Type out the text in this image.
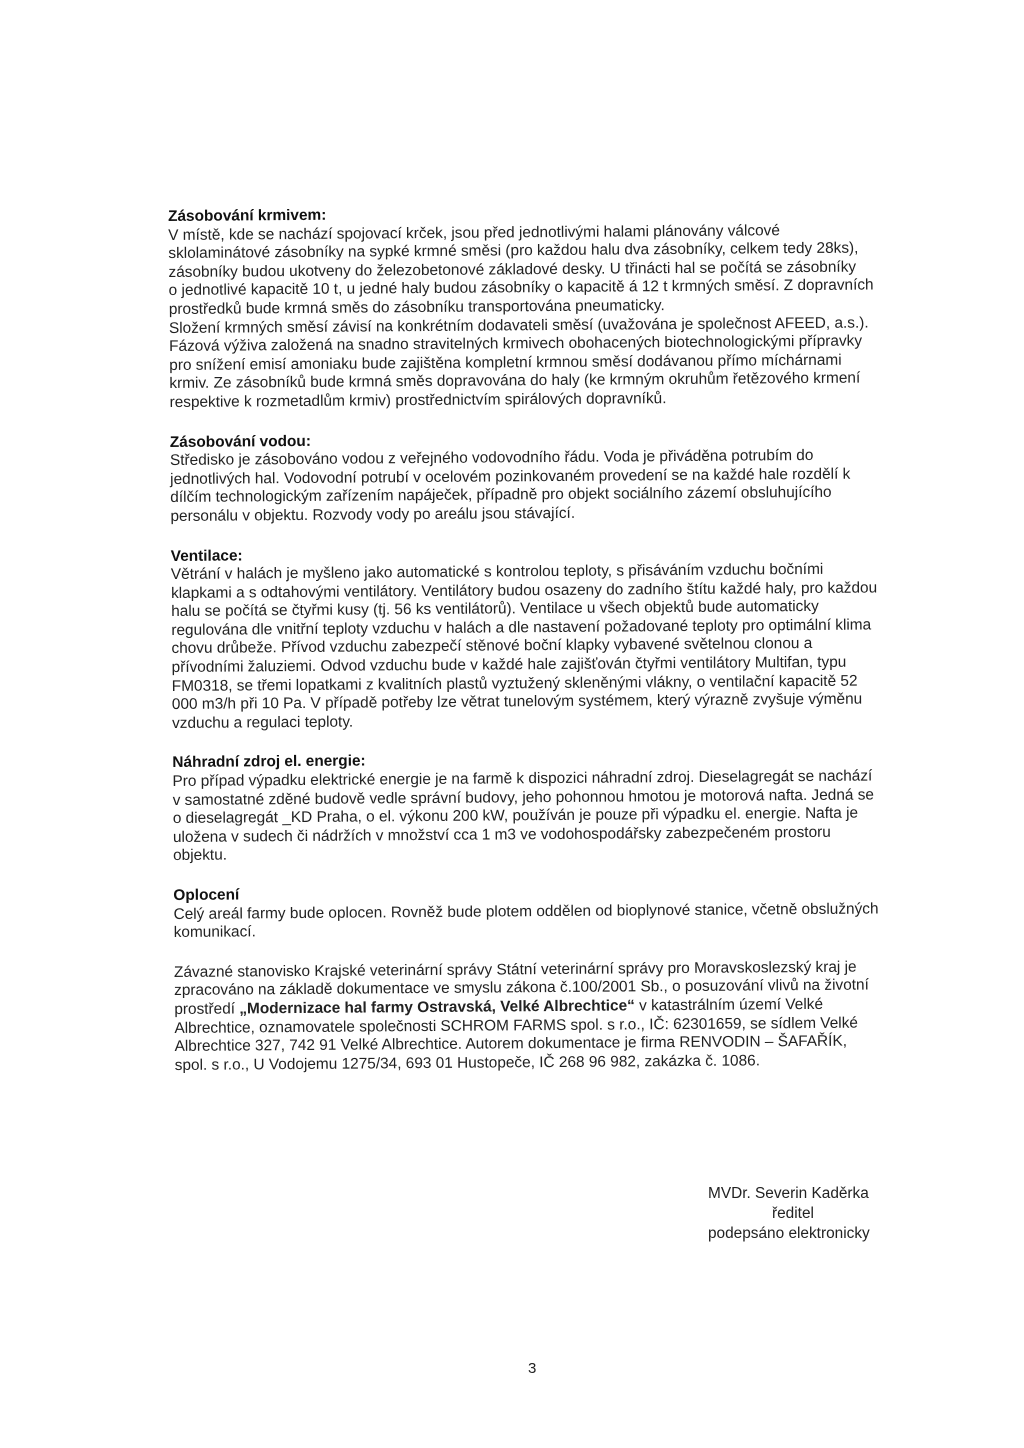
Zásobování krmivem:

V místě, kde se nachází spojovací krček, jsou před jednotlivými halami plánovány válcové
sklolaminátové zásobníky na sypké krmné směsi (pro každou halu dva zásobníky, celkem tedy 28ks),
zásobníky budou ukotveny do železobetonové základové desky. U třinácti hal se počítá se zásobníky
o jednotlivé kapacitě 10 t, u jedné haly budou zásobníky o kapacitě á 12 t krmných směsí. Z dopravních
prostředků bude krmná směs do zásobníku transportována pneumaticky.
Složení krmných směsí závisí na konkrétním dodavateli směsí (uvažována je společnost AFEED, a.s.).
Fázová výživa založená na snadno stravitelných krmivech obohacených biotechnologickými přípravky
pro snížení emisí amoniaku bude zajištěna kompletní krmnou směsí dodávanou přímo míchárnami
krmiv. Ze zásobníků bude krmná směs dopravována do haly (ke krmným okruhům řetězového krmení
respektive k rozmetadlům krmiv) prostřednictvím spirálových dopravníků.

Zásobování vodou:

Středisko je zásobováno vodou z veřejného vodovodního řádu. Voda je přiváděna potrubím do
jednotlivých hal. Vodovodní potrubí v ocelovém pozinkovaném provedení se na každé hale rozdělí k
dílčím technologickým zařízením napáječek, případně pro objekt sociálního zázemí obsluhujícího
personálu v objektu. Rozvody vody po areálu jsou stávající.

Ventilace:

Větrání v halách je myšleno jako automatické s kontrolou teploty, s přisáváním vzduchu bočními
klapkami a s odtahovými ventilátory. Ventilátory budou osazeny do zadního štítu každé haly, pro každou
halu se počítá se čtyřmi kusy (tj. 56 ks ventilátorů). Ventilace u všech objektů bude automaticky
regulována dle vnitřní teploty vzduchu v halách a dle nastavení požadované teploty pro optimální klima
chovu drůbeže. Přívod vzduchu zabezpečí stěnové boční klapky vybavené světelnou clonou a
přívodními žaluziemi. Odvod vzduchu bude v každé hale zajišťován čtyřmi ventilátory Multifan, typu
FM0318, se třemi lopatkami z kvalitních plastů vyztužený skleněnými vlákny, o ventilační kapacitě 52
000 m3/h při 10 Pa. V případě potřeby lze větrat tunelovým systémem, který výrazně zvyšuje výměnu
vzduchu a regulaci teploty.

Náhradní zdroj el. energie:

Pro případ výpadku elektrické energie je na farmě k dispozici náhradní zdroj. Dieselagregát se nachází
v samostatné zděné budově vedle správní budovy, jeho pohonnou hmotou je motorová nafta. Jedná se
o dieselagregát _KD Praha, o el. výkonu 200 kW, používán je pouze při výpadku el. energie. Nafta je
uložena v sudech či nádržích v množství cca 1 m3 ve vodohospodářsky zabezpečeném prostoru
objektu.

Oplocení

Celý areál farmy bude oplocen. Rovněž bude plotem oddělen od bioplynové stanice, včetně obslužných
komunikací.

Závazné stanovisko Krajské veterinární správy Státní veterinární správy pro Moravskoslezský kraj je
zpracováno na základě dokumentace ve smyslu zákona č.100/2001 Sb., o posuzování vlivů na životní
prostředí „Modernizace hal farmy Ostravská, Velké Albrechtice“ v katastrálním území Velké
Albrechtice, oznamovatele společnosti SCHROM FARMS spol. s r.o., IČ: 62301659, se sídlem Velké
Albrechtice 327, 742 91 Velké Albrechtice. Autorem dokumentace je firma RENVODIN – ŠAFAŘÍK,
spol. s r.o., U Vodojemu 1275/34, 693 01 Hustopeče, IČ 268 96 982, zakázka č. 1086.

MVDr. Severin Kaděrka
ředitel
podepsáno elektronicky
3
